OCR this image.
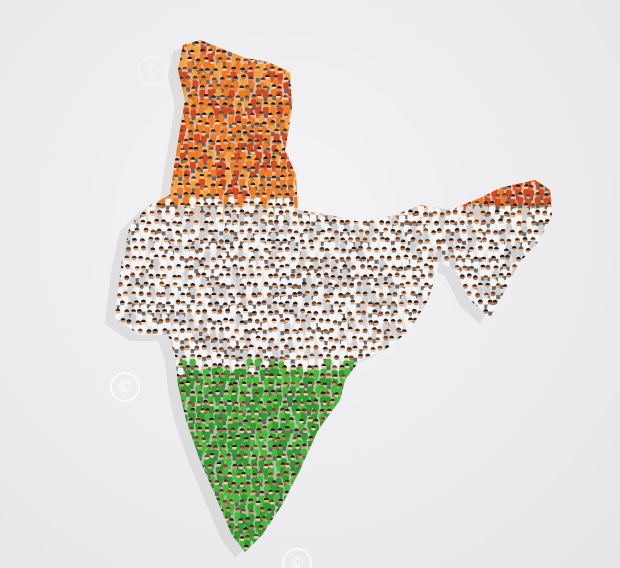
©
©
©
